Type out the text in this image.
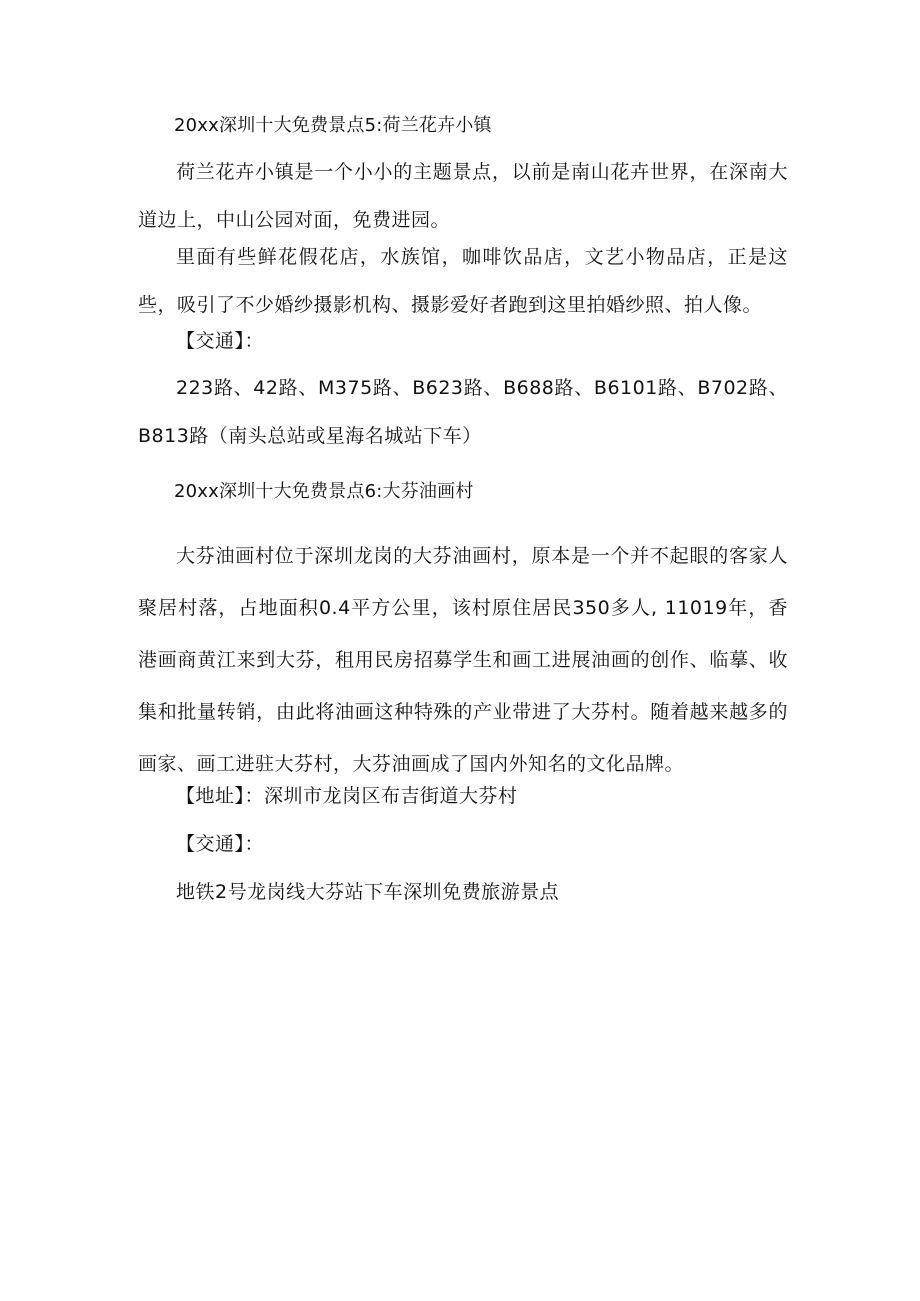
20xx深圳十大免费景点5:荷兰花卉小镇

荷兰花卉小镇是一个小小的主题景点，以前是南山花卉世界，在深南大道边上，中山公园对面，免费进园。

里面有些鲜花假花店，水族馆，咖啡饮品店，文艺小物品店，正是这些，吸引了不少婚纱摄影机构、摄影爱好者跑到这里拍婚纱照、拍人像。

【交通】：

223路、42路、M375路、B623路、B688路、B6101路、B702路、B813路（南头总站或星海名城站下车）

20xx深圳十大免费景点6:大芬油画村

大芬油画村位于深圳龙岗的大芬油画村，原本是一个并不起眼的客家人聚居村落，占地面积0.4平方公里，该村原住居民350多人, 11019年，香港画商黄江来到大芬，租用民房招募学生和画工进展油画的创作、临摹、收集和批量转销，由此将油画这种特殊的产业带进了大芬村。随着越来越多的画家、画工进驻大芬村，大芬油画成了国内外知名的文化品牌。

【地址】：深圳市龙岗区布吉街道大芬村

【交通】：

地铁2号龙岗线大芬站下车深圳免费旅游景点
